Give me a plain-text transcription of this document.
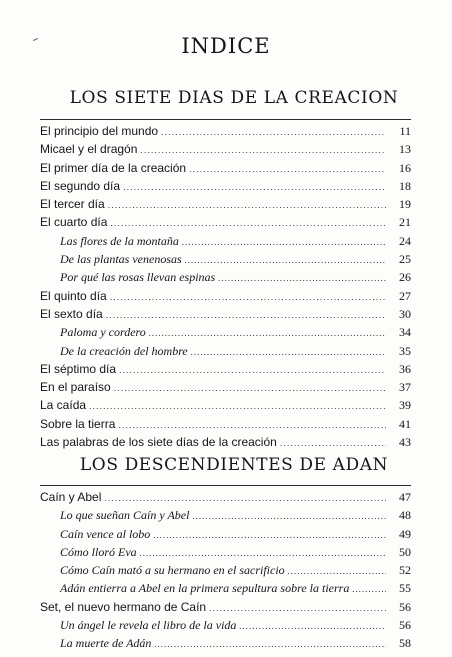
INDICE
LOS SIETE DIAS DE LA CREACION
El principio del mundo .....	11
Micael y el dragón .....	13
El primer día de la creación .....	16
El segundo día .....	18
El tercer día .....	19
El cuarto día .....	21
Las flores de la montaña .....	24
De las plantas venenosas .....	25
Por qué las rosas llevan espinas .....	26
El quinto día .....	27
El sexto día .....	30
Paloma y cordero .....	34
De la creación del hombre .....	35
El séptimo día .....	36
En el paraíso .....	37
La caída .....	39
Sobre la tierra .....	41
Las palabras de los siete días de la creación .....	43
LOS DESCENDIENTES DE ADAN
Caín y Abel .....	47
Lo que sueñan Caín y Abel .....	48
Caín vence al lobo .....	49
Cómo lloró Eva .....	50
Cómo Caín mató a su hermano en el sacrificio .....	52
Adán entierra a Abel en la primera sepultura sobre la tierra .....	55
Set, el nuevo hermano de Caín .....	56
Un ángel le revela el libro de la vida .....	56
La muerte de Adán .....	58
